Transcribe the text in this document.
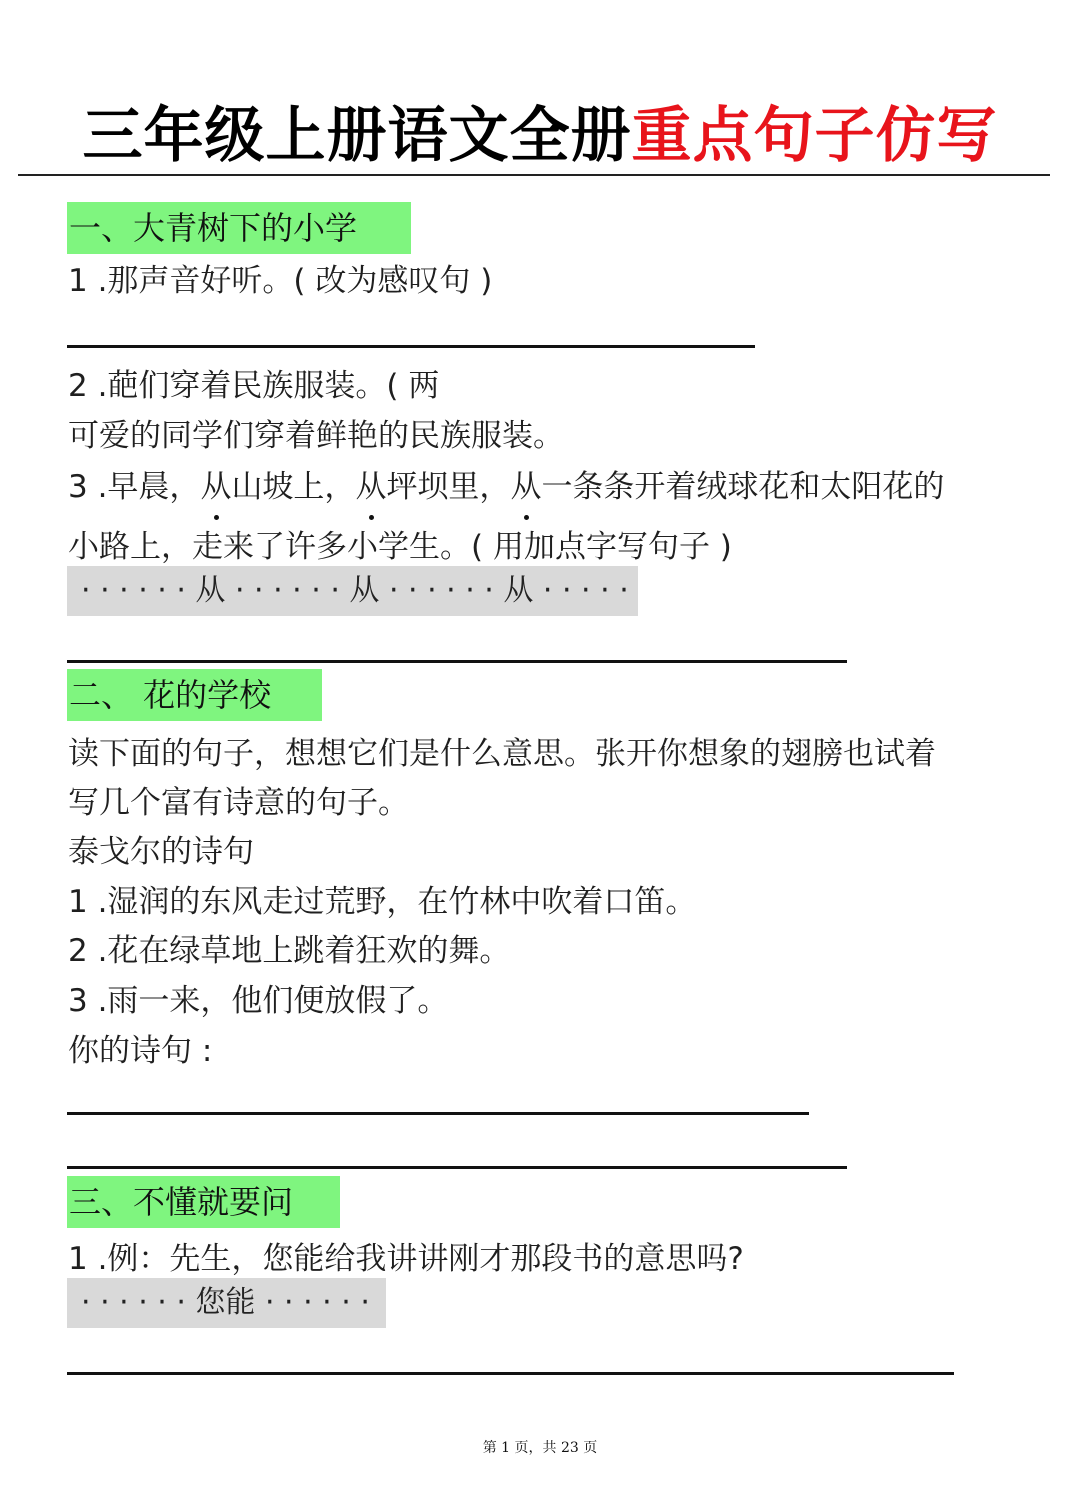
三年级上册语文全册重点句子仿写
一、大青树下的小学
1 .那声音好听。( 改为感叹句 )
2 .葩们穿着民族服装。( 两
可爱的同学们穿着鲜艳的民族服装。
3 .早晨，从山坡上，从坪坝里，从一条条开着绒球花和太阳花的
小路上，走来了许多小学生。( 用加点字写句子 )
· · · · · · 从 · · · · · · 从 · · · · · · 从 · · · · ·
二、 花的学校
读下面的句子，想想它们是什么意思。张开你想象的翅膀也试着
写几个富有诗意的句子。
泰戈尔的诗句
1 .湿润的东风走过荒野，在竹林中吹着口笛。
2 .花在绿草地上跳着狂欢的舞。
3 .雨一来，他们便放假了。
你的诗句 :
三、不懂就要问
1 .例：先生，您能给我讲讲刚才那段书的意思吗?
· · · · · · 您能 · · · · · ·
第 1 页，共 23 页
